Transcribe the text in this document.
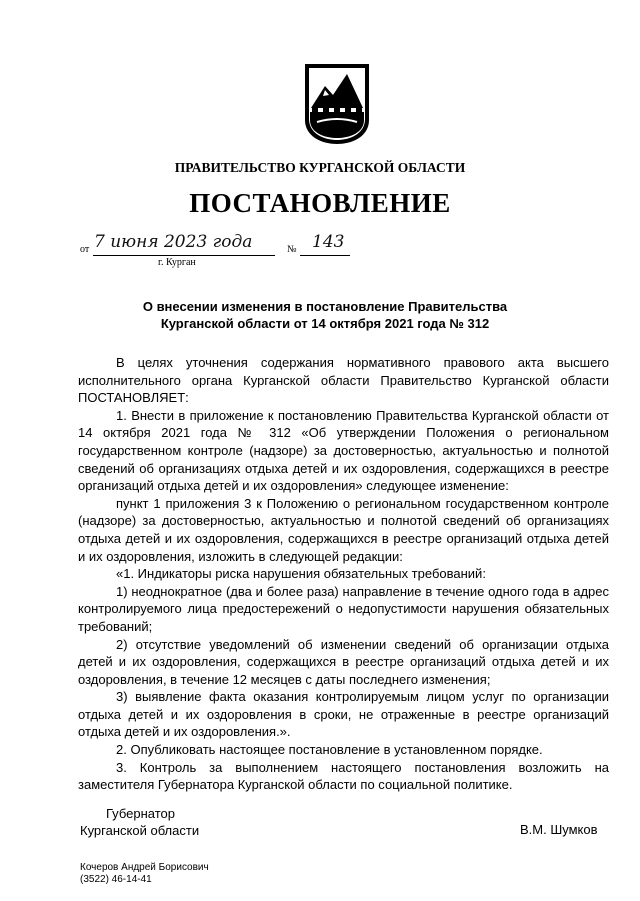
ПРАВИТЕЛЬСТВО КУРГАНСКОЙ ОБЛАСТИ
ПОСТАНОВЛЕНИЕ
от 7 июня 2023 года	№ 143
г. Курган
О внесении изменения в постановление Правительства
Курганской области от 14 октября 2021 года № 312

В целях уточнения содержания нормативного правового акта высшего исполнительного органа Курганской области Правительство Курганской области ПОСТАНОВЛЯЕТ:

1. Внести в приложение к постановлению Правительства Курганской области от 14 октября 2021 года № 312 «Об утверждении Положения о региональном государственном контроле (надзоре) за достоверностью, актуальностью и полнотой сведений об организациях отдыха детей и их оздоровления, содержащихся в реестре организаций отдыха детей и их оздоровления» следующее изменение:

пункт 1 приложения 3 к Положению о региональном государственном контроле (надзоре) за достоверностью, актуальностью и полнотой сведений об организациях отдыха детей и их оздоровления, содержащихся в реестре организаций отдыха детей и их оздоровления, изложить в следующей редакции:

«1. Индикаторы риска нарушения обязательных требований:

1) неоднократное (два и более раза) направление в течение одного года в адрес контролируемого лица предостережений о недопустимости нарушения обязательных требований;

2) отсутствие уведомлений об изменении сведений об организации отдыха детей и их оздоровления, содержащихся в реестре организаций отдыха детей и их оздоровления, в течение 12 месяцев с даты последнего изменения;

3) выявление факта оказания контролируемым лицом услуг по организации отдыха детей и их оздоровления в сроки, не отраженные в реестре организаций отдыха детей и их оздоровления.».

2. Опубликовать настоящее постановление в установленном порядке.

3. Контроль за выполнением настоящего постановления возложить на заместителя Губернатора Курганской области по социальной политике.

Губернатор
Курганской области	В.М. Шумков
Кочеров Андрей Борисович
(3522) 46-14-41
